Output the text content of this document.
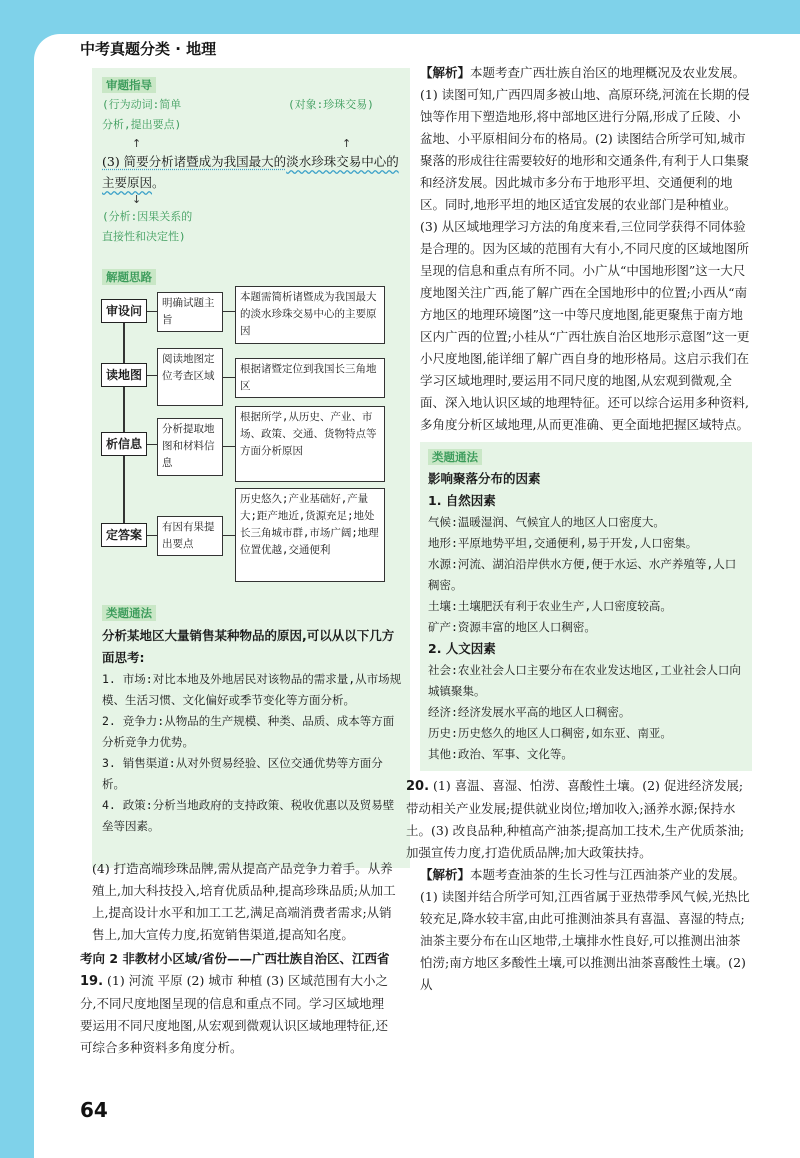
中考真题分类 · 地理
审题指导
(行为动词:简单
分析,提出要点)
(对象:珍珠交易)
↑	↑
(3) 简要分析诸暨成为我国最大的淡水珍珠交易中心的主要原因。
↓
(分析:因果关系的
直接性和决定性)
解题思路
审设问
读地图
析信息
定答案
明确试题主旨
阅读地图定位考查区域
分析提取地图和材料信息
有因有果提出要点
本题需简析诸暨成为我国最大的淡水珍珠交易中心的主要原因
根据诸暨定位到我国长三角地区
根据所学,从历史、产业、市场、政策、交通、货物特点等方面分析原因
历史悠久;产业基础好,产量大;距产地近,货源充足;地处长三角城市群,市场广阔;地理位置优越,交通便利
类题通法

分析某地区大量销售某种物品的原因,可以从以下几方面思考:

1. 市场:对比本地及外地居民对该物品的需求量,从市场规模、生活习惯、文化偏好或季节变化等方面分析。

2. 竞争力:从物品的生产规模、种类、品质、成本等方面分析竞争力优势。

3. 销售渠道:从对外贸易经验、区位交通优势等方面分析。

4. 政策:分析当地政府的支持政策、税收优惠以及贸易壁垒等因素。

(4) 打造高端珍珠品牌,需从提高产品竞争力着手。从养殖上,加大科技投入,培育优质品种,提高珍珠品质;从加工上,提高设计水平和加工工艺,满足高端消费者需求;从销售上,加大宣传力度,拓宽销售渠道,提高知名度。

考向 2 非教材小区域/省份——广西壮族自治区、江西省

19. (1) 河流 平原 (2) 城市 种植 (3) 区域范围有大小之分,不同尺度地图呈现的信息和重点不同。学习区域地理要运用不同尺度地图,从宏观到微观认识区域地理特征,还可综合多种资料多角度分析。

64

【解析】本题考查广西壮族自治区的地理概况及农业发展。(1) 读图可知,广西四周多被山地、高原环绕,河流在长期的侵蚀等作用下塑造地形,将中部地区进行分隔,形成了丘陵、小盆地、小平原相间分布的格局。(2) 读图结合所学可知,城市聚落的形成往往需要较好的地形和交通条件,有利于人口集聚和经济发展。因此城市多分布于地形平坦、交通便利的地区。同时,地形平坦的地区适宜发展的农业部门是种植业。(3) 从区域地理学习方法的角度来看,三位同学获得不同体验是合理的。因为区域的范围有大有小,不同尺度的区域地图所呈现的信息和重点有所不同。小广从“中国地形图”这一大尺度地图关注广西,能了解广西在全国地形中的位置;小西从“南方地区的地理环境图”这一中等尺度地图,能更聚焦于南方地区内广西的位置;小桂从“广西壮族自治区地形示意图”这一更小尺度地图,能详细了解广西自身的地形格局。这启示我们在学习区域地理时,要运用不同尺度的地图,从宏观到微观,全面、深入地认识区域的地理特征。还可以综合运用多种资料,多角度分析区域地理,从而更准确、更全面地把握区域特点。

类题通法

影响聚落分布的因素

1. 自然因素

气候:温暖湿润、气候宜人的地区人口密度大。

地形:平原地势平坦,交通便利,易于开发,人口密集。

水源:河流、湖泊沿岸供水方便,便于水运、水产养殖等,人口稠密。

土壤:土壤肥沃有利于农业生产,人口密度较高。

矿产:资源丰富的地区人口稠密。

2. 人文因素

社会:农业社会人口主要分布在农业发达地区,工业社会人口向城镇聚集。

经济:经济发展水平高的地区人口稠密。

历史:历史悠久的地区人口稠密,如东亚、南亚。

其他:政治、军事、文化等。

20. (1) 喜温、喜湿、怕涝、喜酸性土壤。(2) 促进经济发展;带动相关产业发展;提供就业岗位;增加收入;涵养水源;保持水土。(3) 改良品种,种植高产油茶;提高加工技术,生产优质茶油;加强宣传力度,打造优质品牌;加大政策扶持。

【解析】本题考查油茶的生长习性与江西油茶产业的发展。(1) 读图并结合所学可知,江西省属于亚热带季风气候,光热比较充足,降水较丰富,由此可推测油茶具有喜温、喜湿的特点;油茶主要分布在山区地带,土壤排水性良好,可以推测出油茶怕涝;南方地区多酸性土壤,可以推测出油茶喜酸性土壤。(2) 从
